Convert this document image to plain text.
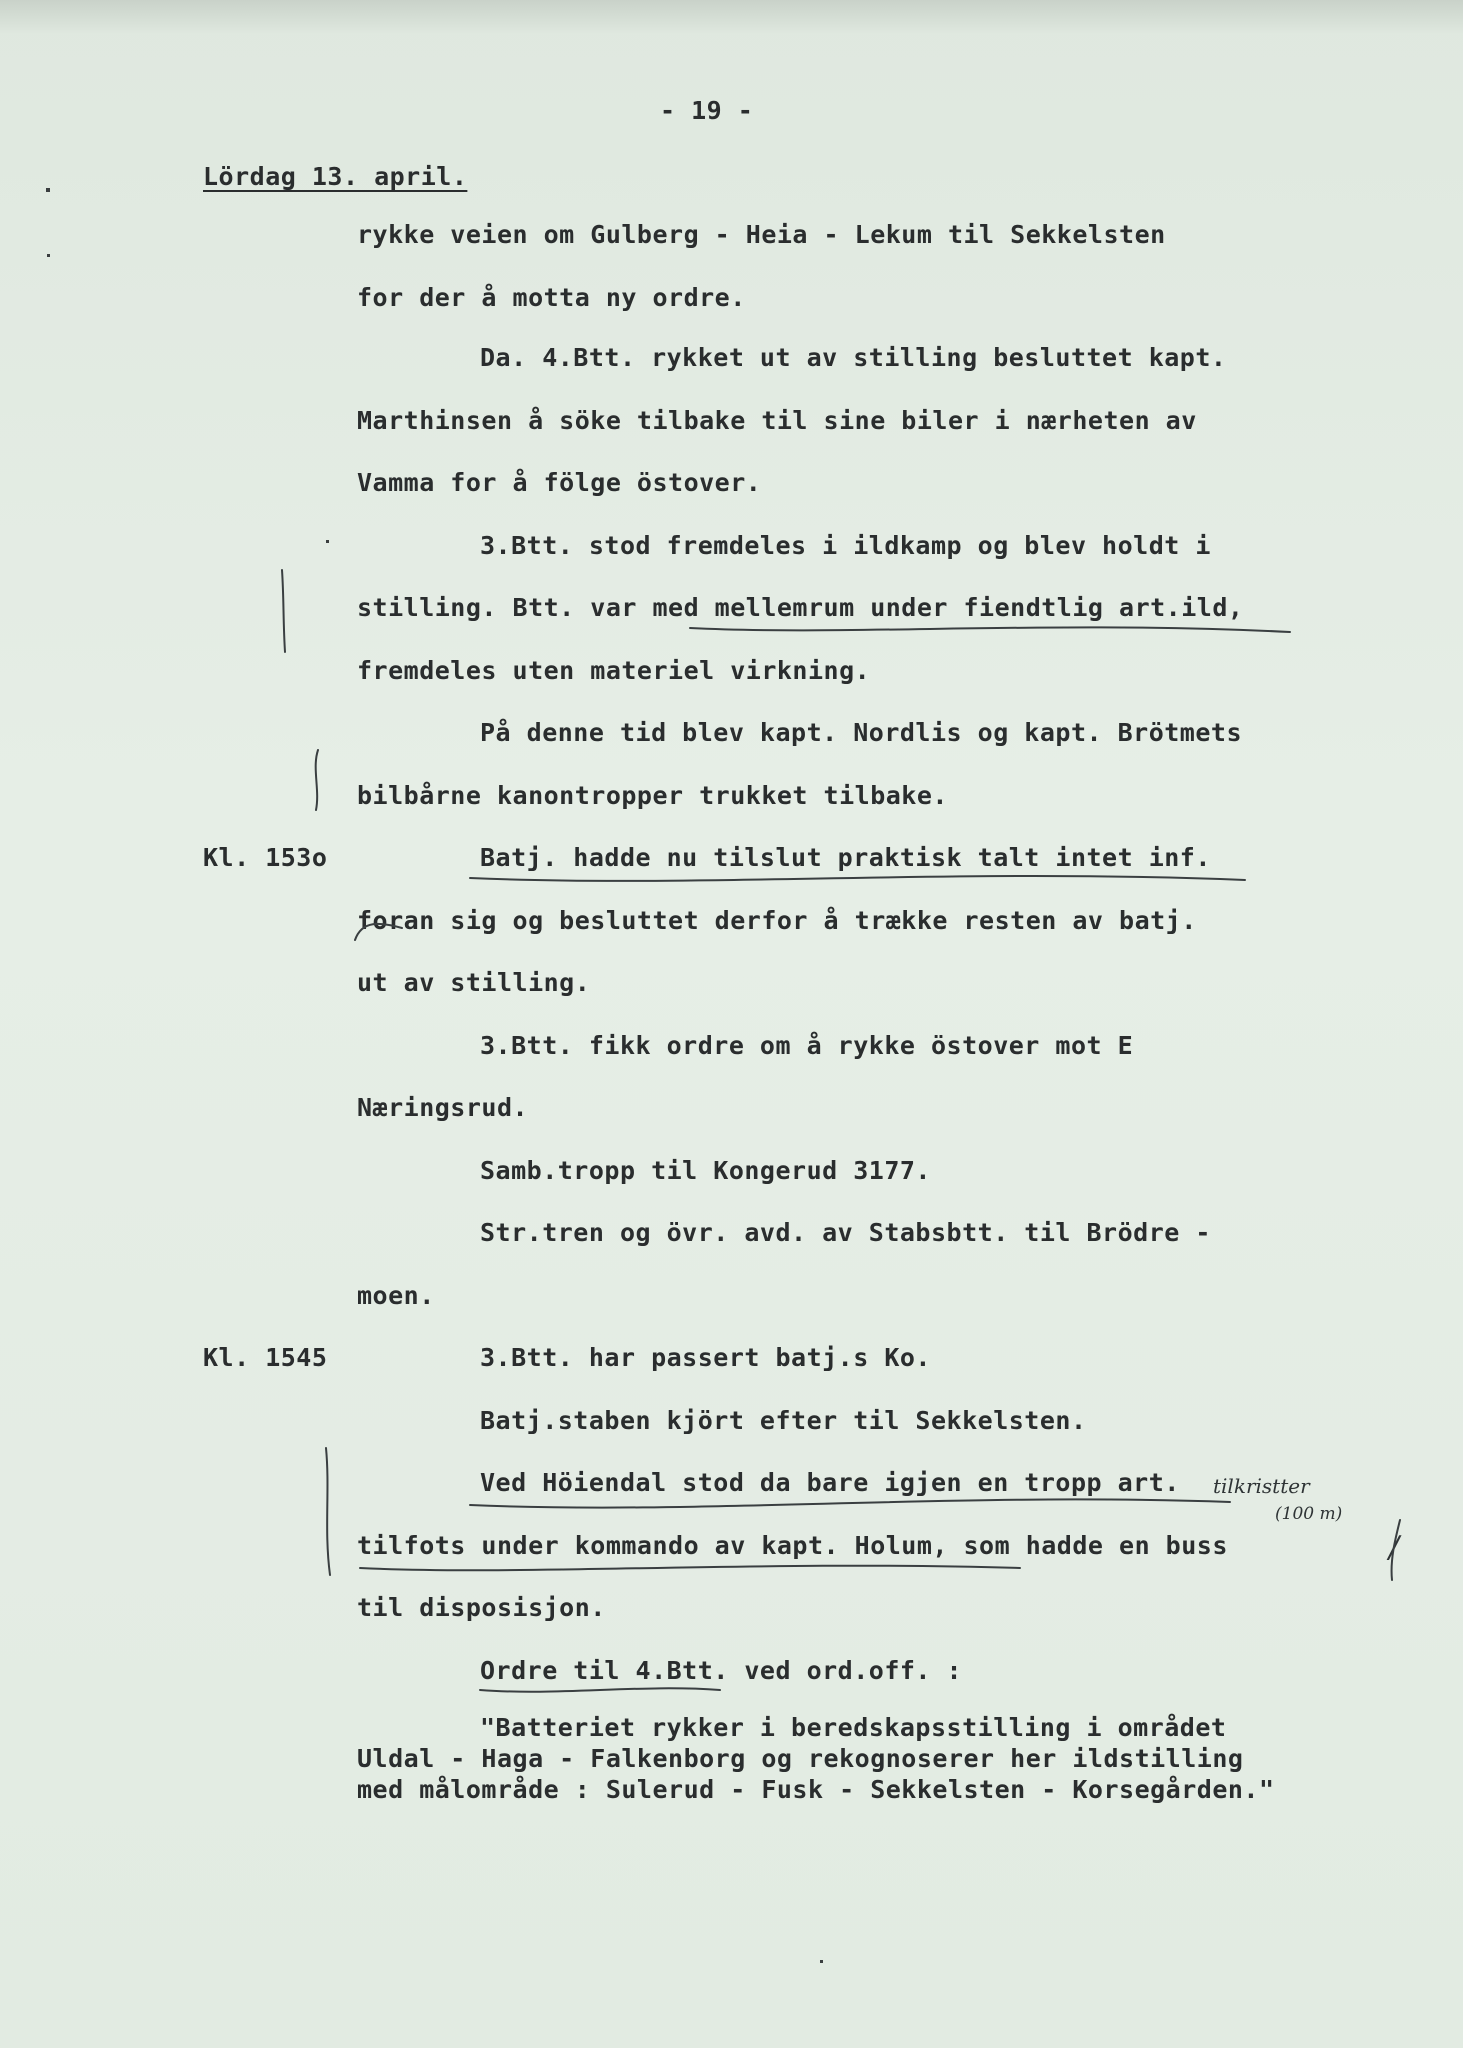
- 19 -
Lördag 13. april.
rykke veien om Gulberg - Heia - Lekum til Sekkelsten
for der å motta ny ordre.
Da. 4.Btt. rykket ut av stilling besluttet kapt.
Marthinsen å söke tilbake til sine biler i nærheten av
Vamma for å fölge östover.
3.Btt. stod fremdeles i ildkamp og blev holdt i
stilling. Btt. var med mellemrum under fiendtlig art.ild,
fremdeles uten materiel virkning.
På denne tid blev kapt. Nordlis og kapt. Brötmets
bilbårne kanontropper trukket tilbake.
Kl. 153o	Batj. hadde nu tilslut praktisk talt intet inf.
foran sig og besluttet derfor å trække resten av batj.
ut av stilling.
3.Btt. fikk ordre om å rykke östover mot E
Næringsrud.
Samb.tropp til Kongerud 3177.
Str.tren og övr. avd. av Stabsbtt. til Brödre -
moen.
Kl. 1545	3.Btt. har passert batj.s Ko.
Batj.staben kjört efter til Sekkelsten.
Ved Höiendal stod da bare igjen en tropp art.
tilfots under kommando av kapt. Holum, som hadde en buss
til disposisjon.
Ordre til 4.Btt. ved ord.off. :
"Batteriet rykker i beredskapsstilling i området
Uldal - Haga - Falkenborg og rekognoserer her ildstilling
med målområde : Sulerud - Fusk - Sekkelsten - Korsegården."
tilkristter
(100 m)
/
